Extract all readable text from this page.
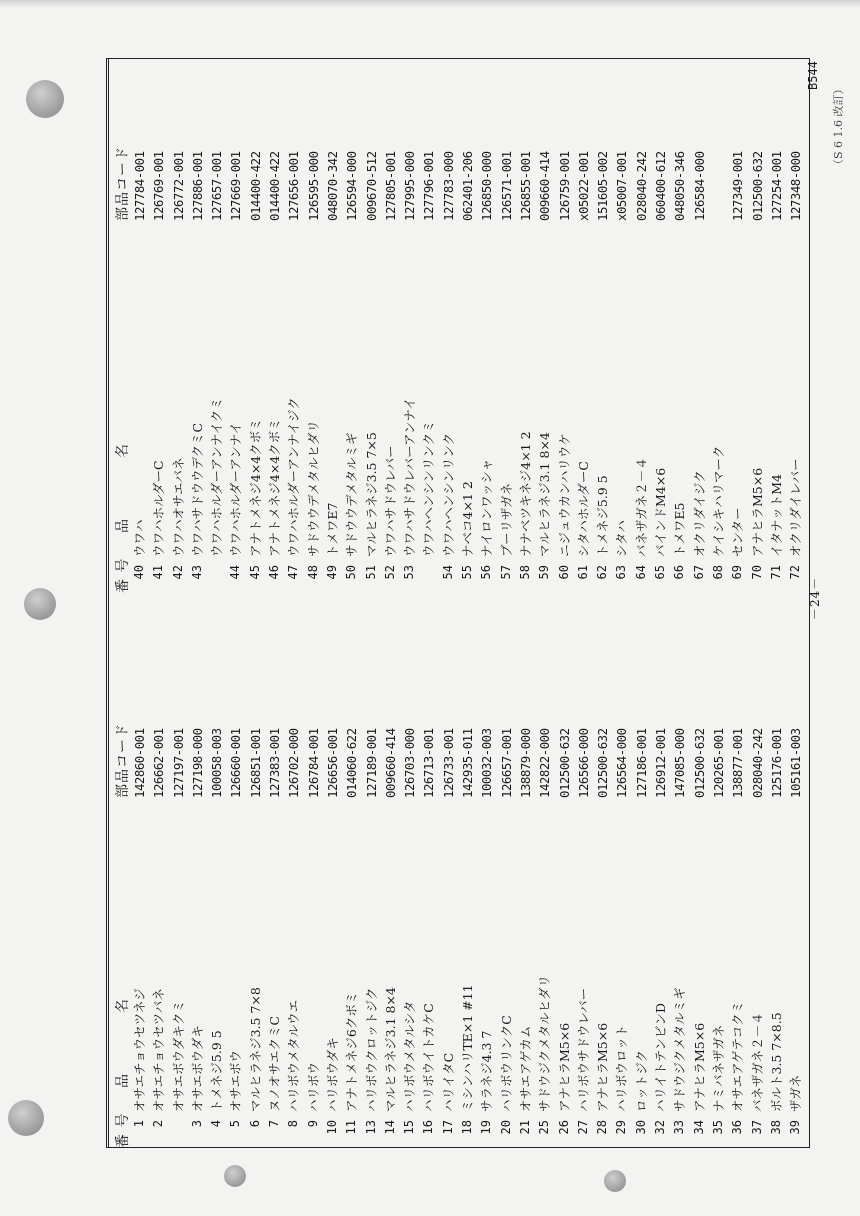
B544
（S 6 1.6 改訂）
－24－
番 号
品　　　　名
部品コード
1
オサエチョウセツネジ
142860-001
2
オサエチョウセツバネ
126662-001
オサエボウダキクミ
127197-001
3
オサエボウダキ
127198-000
4
トメネジ5.9 5
100058-003
5
オサエボウ
126660-001
6
マルヒラネジ3.5 7×8
126851-001
7
ヌノオサエクミC
127383-001
8
ハリボウメタルウエ
126702-000
9
ハリボウ
126784-001
10
ハリボウダキ
126656-001
11
アナトメネジ6クボミ
014060-622
13
ハリボウクロットジク
127189-001
14
マルヒラネジ3.1 8×4
009660-414
15
ハリボウメタルシタ
126703-000
16
ハリボウイトカケC
126713-001
17
ハリイタC
126733-001
18
ミシンハリTE×1 #11
142935-011
19
サラネジ4.3 7
100032-003
20
ハリボウリンクC
126657-001
21
オサエアゲカム
138879-000
25
サドウジクメタルヒダリ
142822-000
26
アナヒラM5×6
012500-632
27
ハリボウサドウレバー
126566-000
28
アナヒラM5×6
012500-632
29
ハリボウロット
126564-000
30
ロットジク
127186-001
32
ハリイトテンビンD
126912-001
33
サドウジクメタルミギ
147085-000
34
アナヒラM5×6
012500-632
35
ナミバネザガネ
120265-001
36
オサエアゲテコクミ
138877-001
37
バネザガネ２－４
028040-242
38
ボルト3.5 7×8.5
125176-001
39
ザガネ
105161-003
番 号
品　　　　名
部品コード
40
ウワハ
127784-001
41
ウワハホルダーC
126769-001
42
ウワハオサエバネ
126772-001
43
ウワハサドウウデクミC
127886-001
ウワハホルダーアンナイクミ
127657-001
44
ウワハホルダーアンナイ
127669-001
45
アナトメネジ4×4クボミ
014400-422
46
アナトメネジ4×4クボミ
014400-422
47
ウワハホルダーアンナイジク
127656-001
48
サドウウデメタルヒダリ
126595-000
49
トメワE7
048070-342
50
サドウウデメタルミギ
126594-000
51
マルヒラネジ3.5 7×5
009670-512
52
ウワハサドウレバー
127805-001
53
ウワハサドウレバーアンナイ
127995-000
ウワハヘンシンリンクミ
127796-001
54
ウワハヘンシンリンク
127783-000
55
ナベコ4×1 2
062401-206
56
ナイロンワッシャ
126850-000
57
ブーリザガネ
126571-001
58
ナナベツキネジ4×1 2
126855-001
59
マルヒラネジ3.1 8×4
009660-414
60
ニジュウカンハリウケ
126759-001
61
シタハホルダーC
x05022-001
62
トメネジ5.9 5
151605-002
63
シタハ
x05007-001
64
バネザガネ２－４
028040-242
65
バインドM4×6
060400-612
66
トメワE5
048050-346
67
オクリダイジク
126584-000
68
ケイシキハリマーク
69
センター
127349-001
70
アナヒラM5×6
012500-632
71
イタナットM4
127254-001
72
オクリダイレバー
127348-000
